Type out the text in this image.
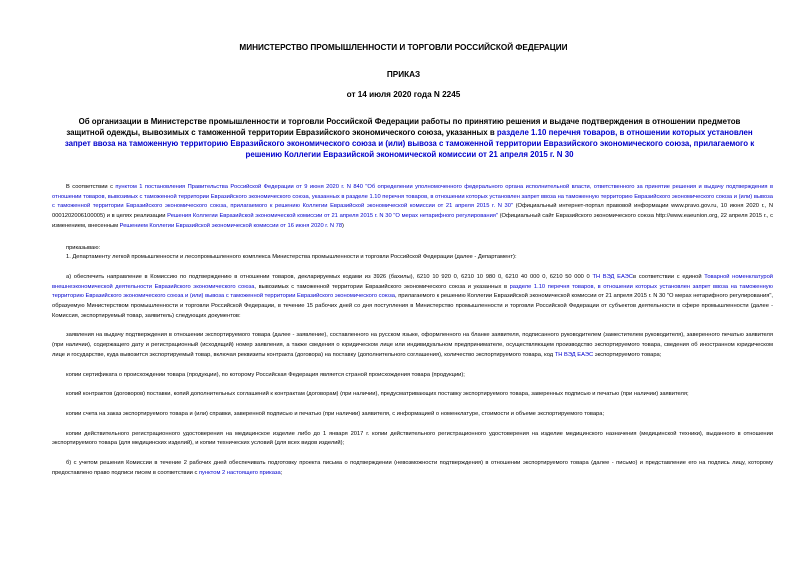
МИНИСТЕРСТВО ПРОМЫШЛЕННОСТИ И ТОРГОВЛИ РОССИЙСКОЙ ФЕДЕРАЦИИ
ПРИКАЗ
от 14 июля 2020 года N 2245
Об организации в Министерстве промышленности и торговли Российской Федерации работы по принятию решения и выдаче подтверждения в отношении предметов защитной одежды, вывозимых с таможенной территории Евразийского экономического союза, указанных в разделе 1.10 перечня товаров, в отношении которых установлен запрет ввоза на таможенную территорию Евразийского экономического союза и (или) вывоза с таможенной территории Евразийского экономического союза, прилагаемого к решению Коллегии Евразийской экономической комиссии от 21 апреля 2015 г. N 30

В соответствии с пунктом 1 постановления Правительства Российской Федерации от 9 июня 2020 г. N 840 "Об определении уполномоченного федерального органа исполнительной власти, ответственного за принятие решения и выдачу подтверждения в отношении товаров, вывозимых с таможенной территории Евразийского экономического союза, указанных в разделе 1.10 перечня товаров, в отношении которых установлен запрет ввоза на таможенную территорию Евразийского экономического союза и (или) вывоза с таможенной территории Евразийского экономического союза, прилагаемого к решению Коллегии Евразийской экономической комиссии от 21 апреля 2015 г. N 30" (Официальный интернет-портал правовой информации www.pravo.gov.ru, 10 июня 2020 г., N 0001202006100005) и в целях реализации Решения Коллегии Евразийской экономической комиссии от 21 апреля 2015 г. N 30 "О мерах нетарифного регулирования" (Официальный сайт Евразийского экономического союза http://www.eaeunion.org, 22 апреля 2015 г., с изменением, внесенным Решением Коллегии Евразийской экономической комиссии от 16 июня 2020 г. N 78)

приказываю:

1. Департаменту легкой промышленности и лесопромышленного комплекса Министерства промышленности и торговли Российской Федерации (далее - Департамент):

а) обеспечить направление в Комиссию по подтверждению в отношении товаров, декларируемых кодами из 3926 (бахилы), 6210 10 920 0, 6210 10 980 0, 6210 40 000 0, 6210 50 000 0 ТН ВЭД ЕАЭСв соответствии с единой Товарной номенклатурой внешнеэкономической деятельности Евразийского экономического союза, вывозимых с таможенной территории Евразийского экономического союза и указанных в разделе 1.10 перечня товаров, в отношении которых установлен запрет ввоза на таможенную территорию Евразийского экономического союза и (или) вывоза с таможенной территории Евразийского экономического союза, прилагаемого к решению Коллегии Евразийской экономической комиссии от 21 апреля 2015 г. N 30 "О мерах нетарифного регулирования", образуемую Министерством промышленности и торговли Российской Федерации, в течение 15 рабочих дней со дня поступления в Министерство промышленности и торговли Российской Федерации от субъектов деятельности в сфере промышленности (далее - Комиссия, экспортируемый товар, заявитель) следующих документов:

заявления на выдачу подтверждения в отношении экспортируемого товара (далее - заявление), составленного на русском языке, оформленного на бланке заявителя, подписанного руководителем (заместителем руководителя), заверенного печатью заявителя (при наличии), содержащего дату и регистрационный (исходящий) номер заявления, а также сведения о юридическом лице или индивидуальном предпринимателе, осуществляющем производство экспортируемого товара, сведения об иностранном юридическом лице и государстве, куда вывозится экспортируемый товар, включая реквизиты контракта (договора) на поставку (дополнительного соглашения), количество экспортируемого товара, код ТН ВЭД ЕАЭС экспортируемого товара;

копии сертификата о происхождении товара (продукции), по которому Российская Федерация является страной происхождения товара (продукции);

копий контрактов (договоров) поставки, копий дополнительных соглашений к контрактам (договорам) (при наличии), предусматривающих поставку экспортируемого товара, заверенных подписью и печатью (при наличии) заявителя;

копии счета на заказ экспортируемого товара и (или) справки, заверенной подписью и печатью (при наличии) заявителя, с информацией о номенклатуре, стоимости и объеме экспортируемого товара;

копии действительного регистрационного удостоверения на медицинское изделие либо до 1 января 2017 г. копии действительного регистрационного удостоверения на изделие медицинского назначения (медицинской техники), выданного в отношении экспортируемого товара (для медицинских изделий), и копии технических условий (для всех видов изделий);

б) с учетом решения Комиссии в течение 2 рабочих дней обеспечивать подготовку проекта письма о подтверждении (невозможности подтверждения) в отношении экспортируемого товара (далее - письмо) и представление его на подпись лицу, которому предоставлено право подписи писем в соответствии с пунктом 2 настоящего приказа;
